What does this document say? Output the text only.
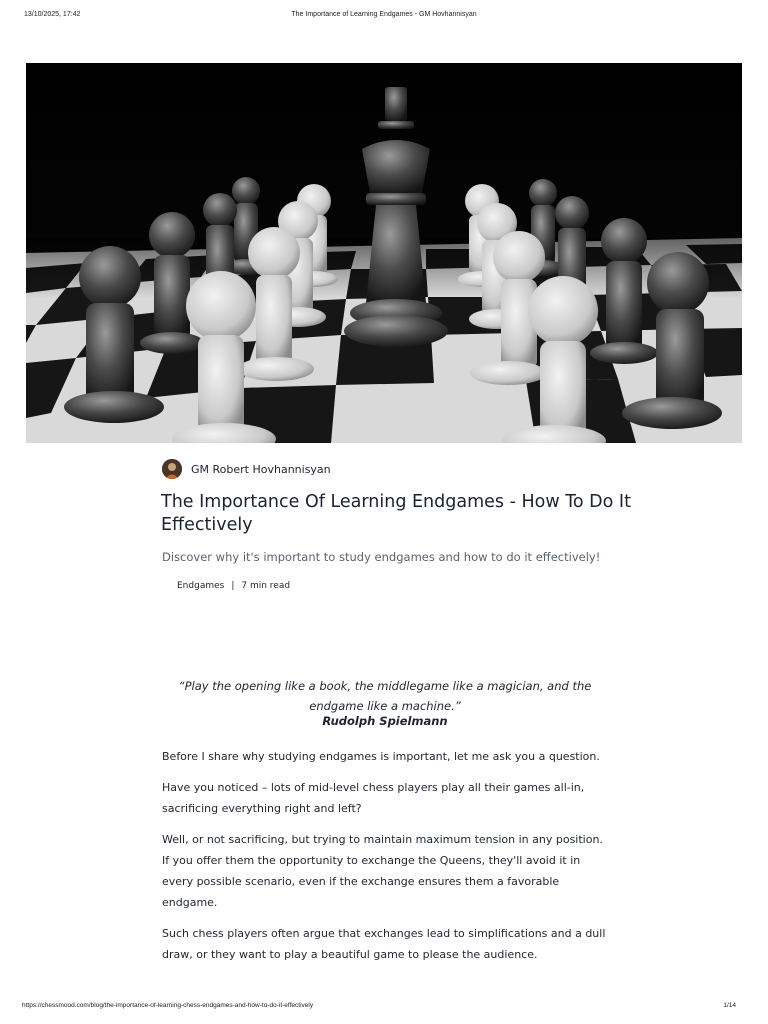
13/10/2025, 17:42	The Importance of Learning Endgames - GM Hovhannisyan
GM Robert Hovhannisyan
The Importance Of Learning Endgames - How To Do It Effectively

Discover why it's important to study endgames and how to do it effectively!

Endgames | 7 min read
“Play the opening like a book, the middlegame like a magician, and the endgame like a machine.”
Rudolph Spielmann

Before I share why studying endgames is important, let me ask you a question.

Have you noticed – lots of mid-level chess players play all their games all-in, sacrificing everything right and left?

Well, or not sacrificing, but trying to maintain maximum tension in any position. If you offer them the opportunity to exchange the Queens, they'll avoid it in every possible scenario, even if the exchange ensures them a favorable endgame.

Such chess players often argue that exchanges lead to simplifications and a dull draw, or they want to play a beautiful game to please the audience.

https://chessmood.com/blog/the-importance-of-learning-chess-endgames-and-how-to-do-it-effectively	1/14
